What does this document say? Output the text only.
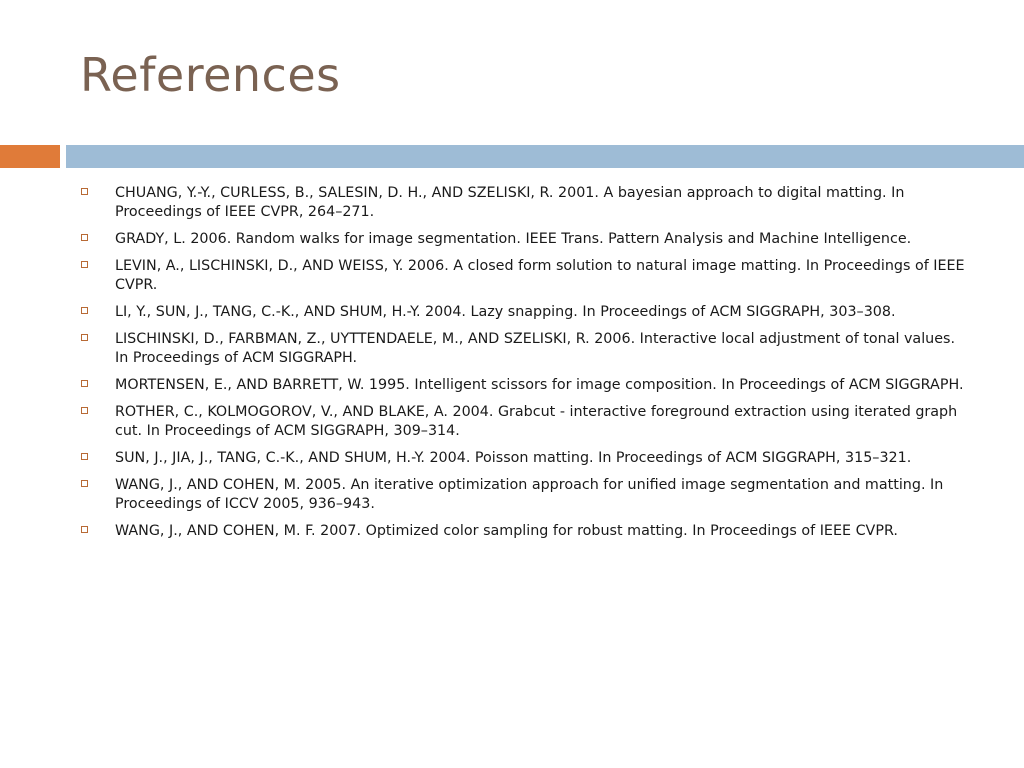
References
CHUANG, Y.-Y., CURLESS, B., SALESIN, D. H., AND SZELISKI, R. 2001. A bayesian approach to digital matting. In Proceedings of IEEE CVPR, 264–271.
GRADY, L. 2006. Random walks for image segmentation. IEEE Trans. Pattern Analysis and Machine Intelligence.
LEVIN, A., LISCHINSKI, D., AND WEISS, Y. 2006. A closed form solution to natural image matting. In Proceedings of IEEE CVPR.
LI, Y., SUN, J., TANG, C.-K., AND SHUM, H.-Y. 2004. Lazy snapping. In Proceedings of ACM SIGGRAPH, 303–308.
LISCHINSKI, D., FARBMAN, Z., UYTTENDAELE, M., AND SZELISKI, R. 2006. Interactive local adjustment of tonal values. In Proceedings of ACM SIGGRAPH.
MORTENSEN, E., AND BARRETT, W. 1995. Intelligent scissors for image composition. In Proceedings of ACM SIGGRAPH.
ROTHER, C., KOLMOGOROV, V., AND BLAKE, A. 2004. Grabcut - interactive foreground extraction using iterated graph cut. In Proceedings of ACM SIGGRAPH, 309–314.
SUN, J., JIA, J., TANG, C.-K., AND SHUM, H.-Y. 2004. Poisson matting. In Proceedings of ACM SIGGRAPH, 315–321.
WANG, J., AND COHEN, M. 2005. An iterative optimization approach for unified image segmentation and matting. In Proceedings of ICCV 2005, 936–943.
WANG, J., AND COHEN, M. F. 2007. Optimized color sampling for robust matting. In Proceedings of IEEE CVPR.
